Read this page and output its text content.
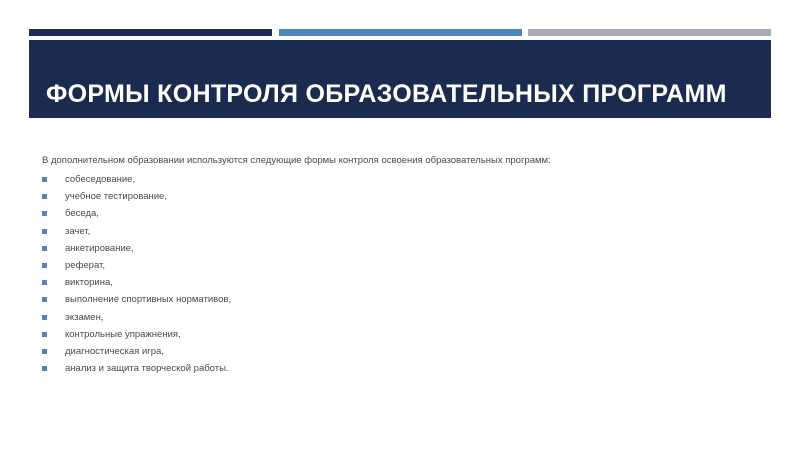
ФОРМЫ КОНТРОЛЯ ОБРАЗОВАТЕЛЬНЫХ ПРОГРАММ

В дополнительном образовании используются следующие формы контроля освоения образовательных программ:

собеседование,
учебное тестирование,
беседа,
зачет,
анкетирование,
реферат,
викторина,
выполнение спортивных нормативов,
экзамен,
контрольные упражнения,
диагностическая игра,
анализ и защита творческой работы.
